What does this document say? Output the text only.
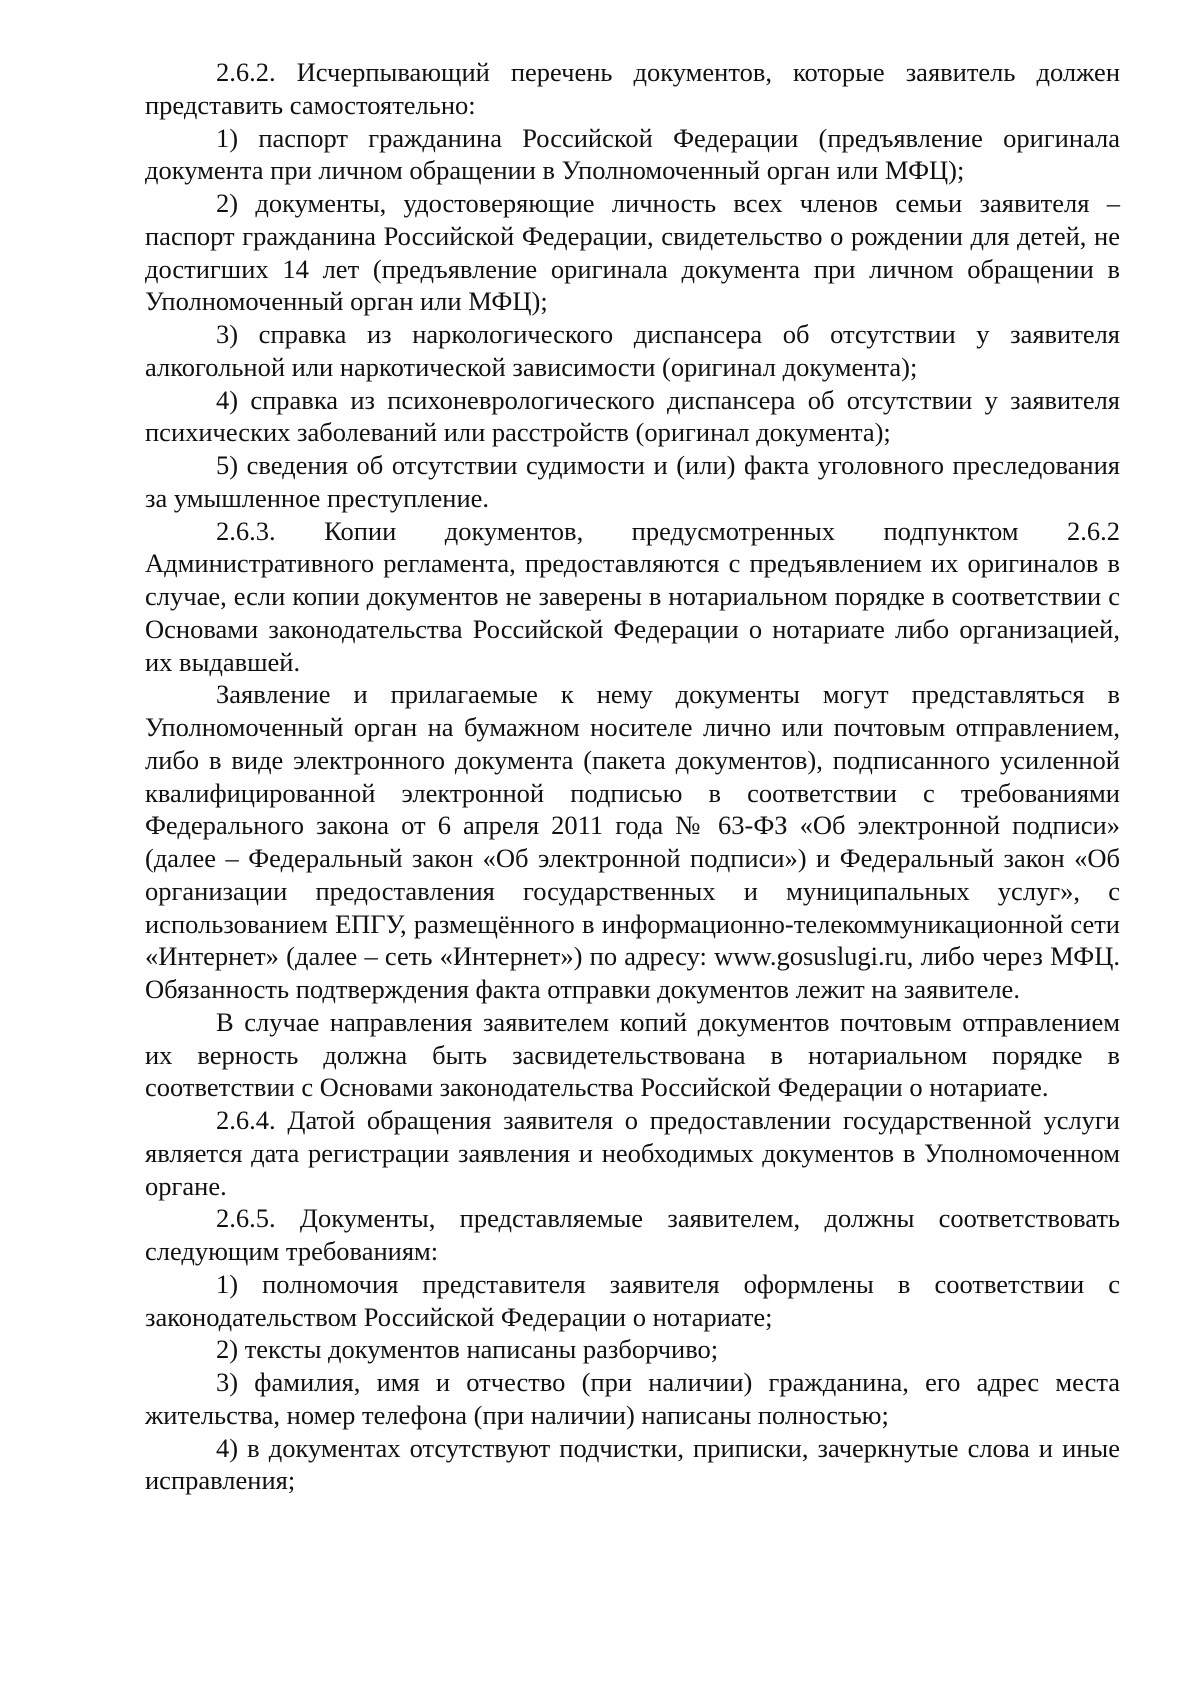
2.6.2. Исчерпывающий перечень документов, которые заявитель должен представить самостоятельно:

1) паспорт гражданина Российской Федерации (предъявление оригинала документа при личном обращении в Уполномоченный орган или МФЦ);

2) документы, удостоверяющие личность всех членов семьи заявителя – паспорт гражданина Российской Федерации, свидетельство о рождении для детей, не достигших 14 лет (предъявление оригинала документа при личном обращении в Уполномоченный орган или МФЦ);

3) справка из наркологического диспансера об отсутствии у заявителя алкогольной или наркотической зависимости (оригинал документа);

4) справка из психоневрологического диспансера об отсутствии у заявителя психических заболеваний или расстройств (оригинал документа);

5) сведения об отсутствии судимости и (или) факта уголовного преследования за умышленное преступление.

2.6.3. Копии документов, предусмотренных подпунктом 2.6.2 Административного регламента, предоставляются с предъявлением их оригиналов в случае, если копии документов не заверены в нотариальном порядке в соответствии с Основами законодательства Российской Федерации о нотариате либо организацией, их выдавшей.

Заявление и прилагаемые к нему документы могут представляться в Уполномоченный орган на бумажном носителе лично или почтовым отправлением, либо в виде электронного документа (пакета документов), подписанного усиленной квалифицированной электронной подписью в соответствии с требованиями Федерального закона от 6 апреля 2011 года № 63-ФЗ «Об электронной подписи» (далее – Федеральный закон «Об электронной подписи») и Федеральный закон «Об организации предоставления государственных и муниципальных услуг», с использованием ЕПГУ, размещённого в информационно-телекоммуникационной сети «Интернет» (далее – сеть «Интернет») по адресу: www.gosuslugi.ru, либо через МФЦ. Обязанность подтверждения факта отправки документов лежит на заявителе.

В случае направления заявителем копий документов почтовым отправлением их верность должна быть засвидетельствована в нотариальном порядке в соответствии с Основами законодательства Российской Федерации о нотариате.

2.6.4. Датой обращения заявителя о предоставлении государственной услуги является дата регистрации заявления и необходимых документов в Уполномоченном органе.

2.6.5. Документы, представляемые заявителем, должны соответствовать следующим требованиям:

1) полномочия представителя заявителя оформлены в соответствии с законодательством Российской Федерации о нотариате;

2) тексты документов написаны разборчиво;

3) фамилия, имя и отчество (при наличии) гражданина, его адрес места жительства, номер телефона (при наличии) написаны полностью;

4) в документах отсутствуют подчистки, приписки, зачеркнутые слова и иные исправления;
